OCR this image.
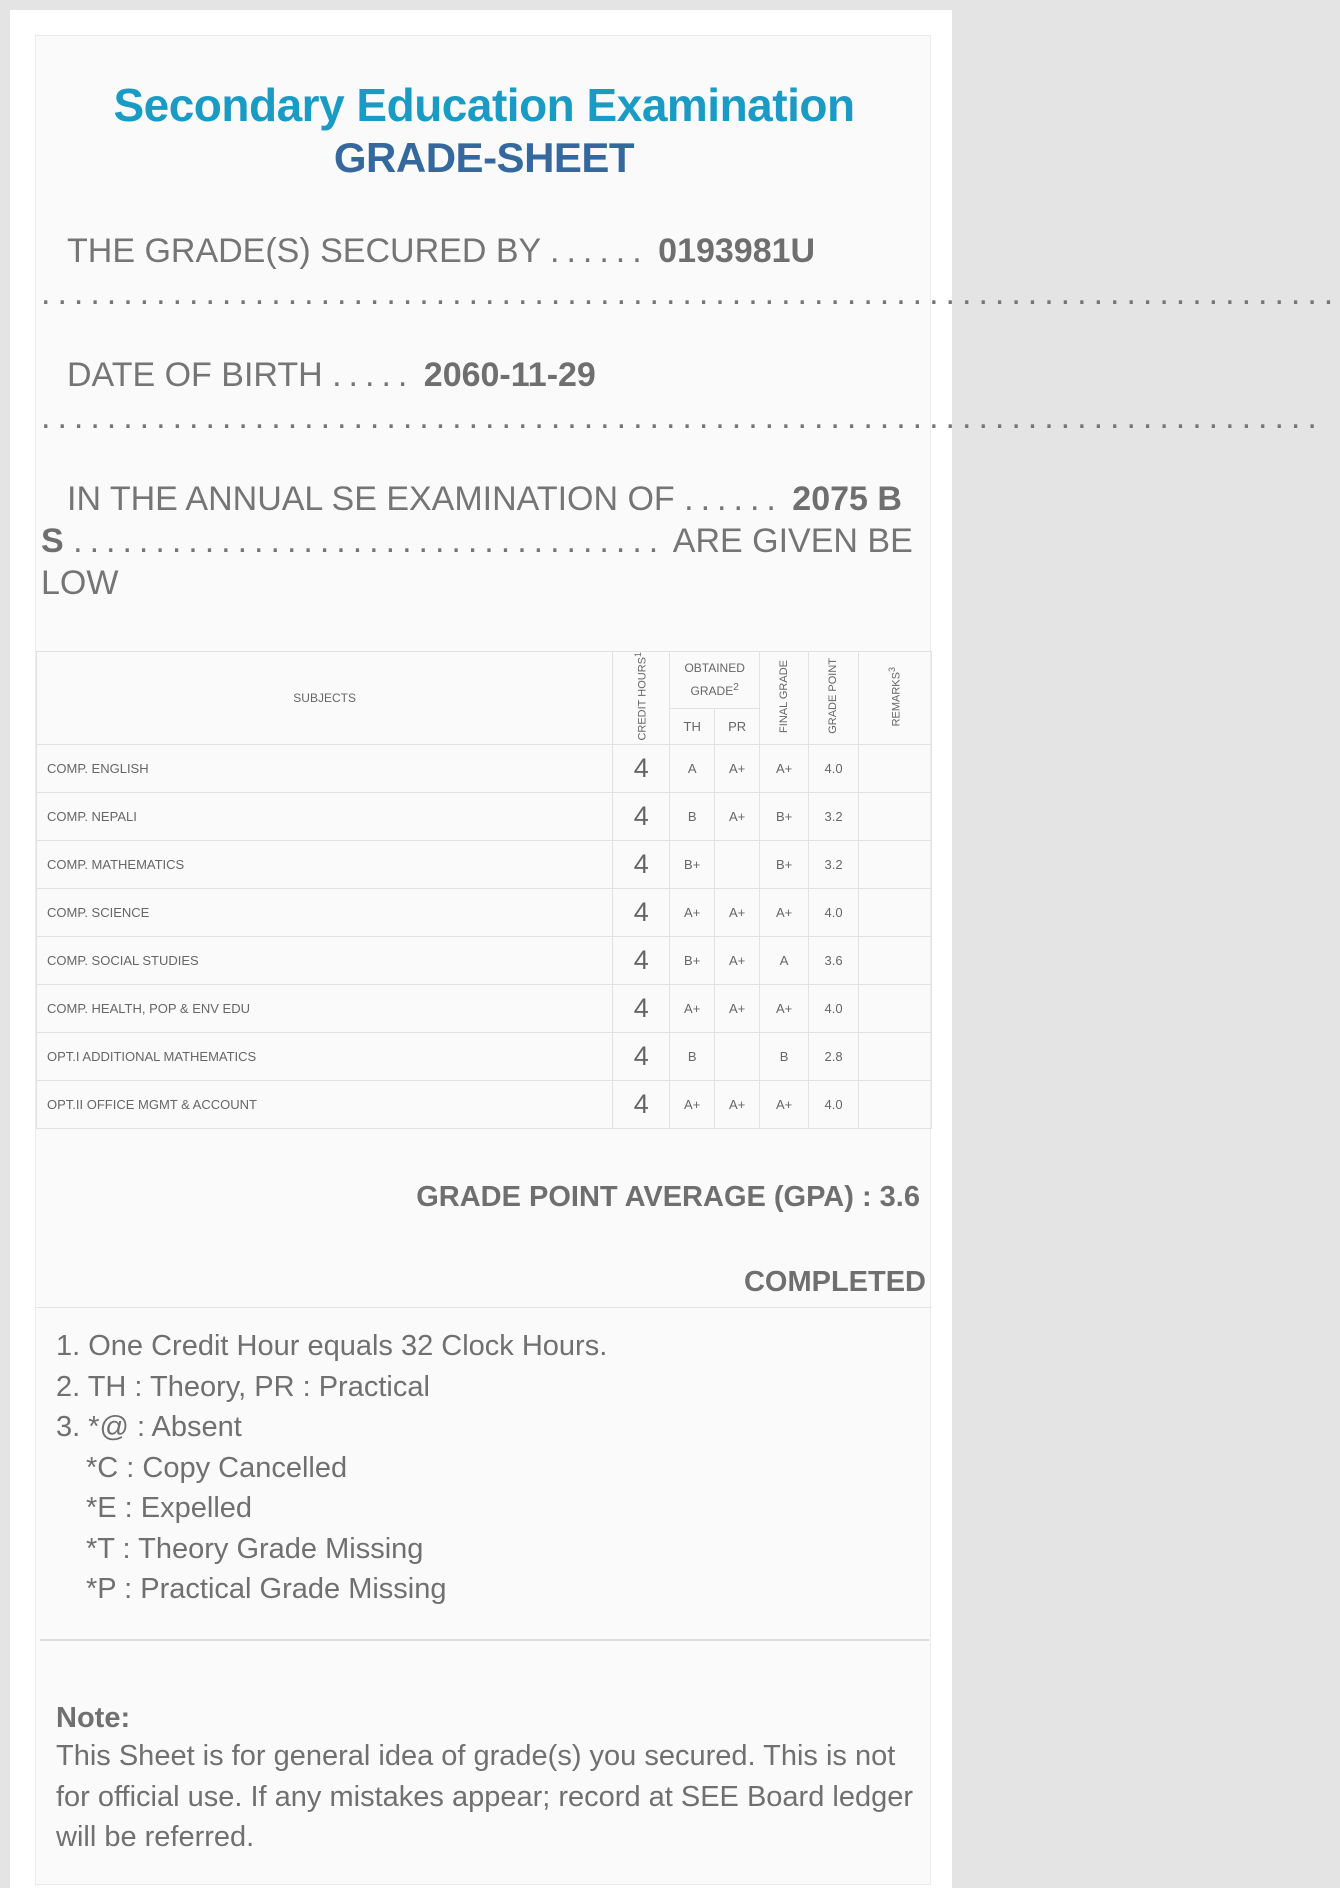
Secondary Education Examination
GRADE-SHEET
THE GRADE(S) SECURED BY ...... 0193981U ...............................................................................
DATE OF BIRTH ..... 2060-11-29 ..............................................................................
IN THE ANNUAL SE EXAMINATION OF ...... 2075 BS .................................... ARE GIVEN BELOW
SUBJECTS	CREDIT HOURS$^1$	OBTAINED GRADE$^2$		FINAL GRADE	GRADE POINT	REMARKS$^3$
		TH	PR			
COMP. ENGLISH	4	A	A+	A+	4.0	
COMP. NEPALI	4	B	A+	B+	3.2	
COMP. MATHEMATICS	4	B+		B+	3.2	
COMP. SCIENCE	4	A+	A+	A+	4.0	
COMP. SOCIAL STUDIES	4	B+	A+	A	3.6	
COMP. HEALTH, POP & ENV EDU	4	A+	A+	A+	4.0	
OPT.I ADDITIONAL MATHEMATICS	4	B		B	2.8	
OPT.II OFFICE MGMT & ACCOUNT	4	A+	A+	A+	4.0	
GRADE POINT AVERAGE (GPA) : 3.6
COMPLETED
1. One Credit Hour equals 32 Clock Hours.
2. TH : Theory, PR : Practical
3. *@ : Absent
*C : Copy Cancelled
*E : Expelled
*T : Theory Grade Missing
*P : Practical Grade Missing
Note:
This Sheet is for general idea of grade(s) you secured. This is not for official use. If any mistakes appear; record at SEE Board ledger will be referred.
